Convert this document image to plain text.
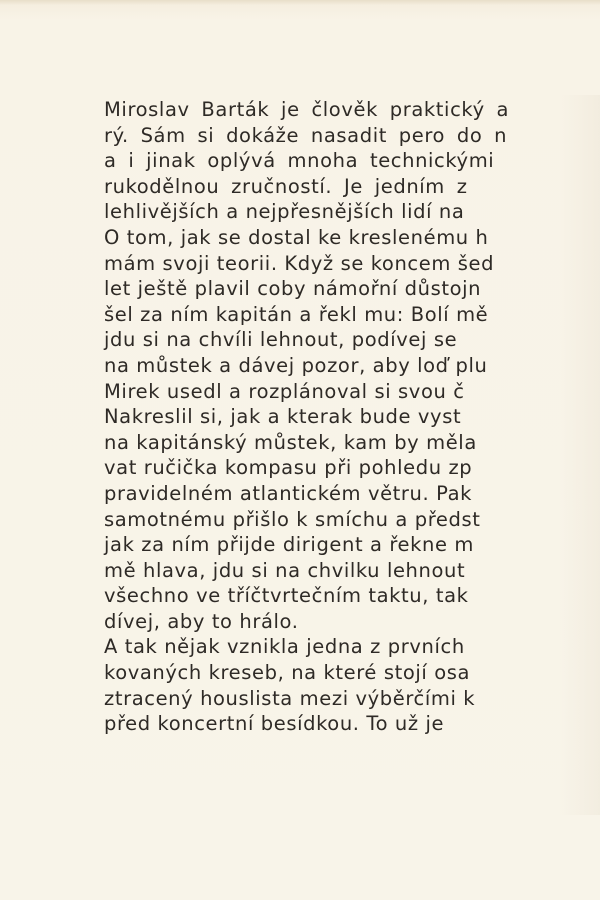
Miroslav Barták je člověk praktický a
rý. Sám si dokáže nasadit pero do n
a i jinak oplývá mnoha technickými
rukodělnou zručností. Je jedním z
lehlivějších a nejpřesnějších lidí na
O tom, jak se dostal ke kreslenému h
mám svoji teorii. Když se koncem šed
let ještě plavil coby námořní důstojn
šel za ním kapitán a řekl mu: Bolí mě
jdu si na chvíli lehnout, podívej se
na můstek a dávej pozor, aby loď plu
Mirek usedl a rozplánoval si svou č
Nakreslil si, jak a kterak bude vyst
na kapitánský můstek, kam by měla
vat ručička kompasu při pohledu zp
pravidelném atlantickém větru. Pak
samotnému přišlo k smíchu a předst
jak za ním přijde dirigent a řekne m
mě hlava, jdu si na chvilku lehnout
všechno ve tříčtvrtečním taktu, tak
dívej, aby to hrálo.
A tak nějak vznikla jedna z prvních
kovaných kreseb, na které stojí osa
ztracený houslista mezi výběrčími k
před koncertní besídkou. To už je
